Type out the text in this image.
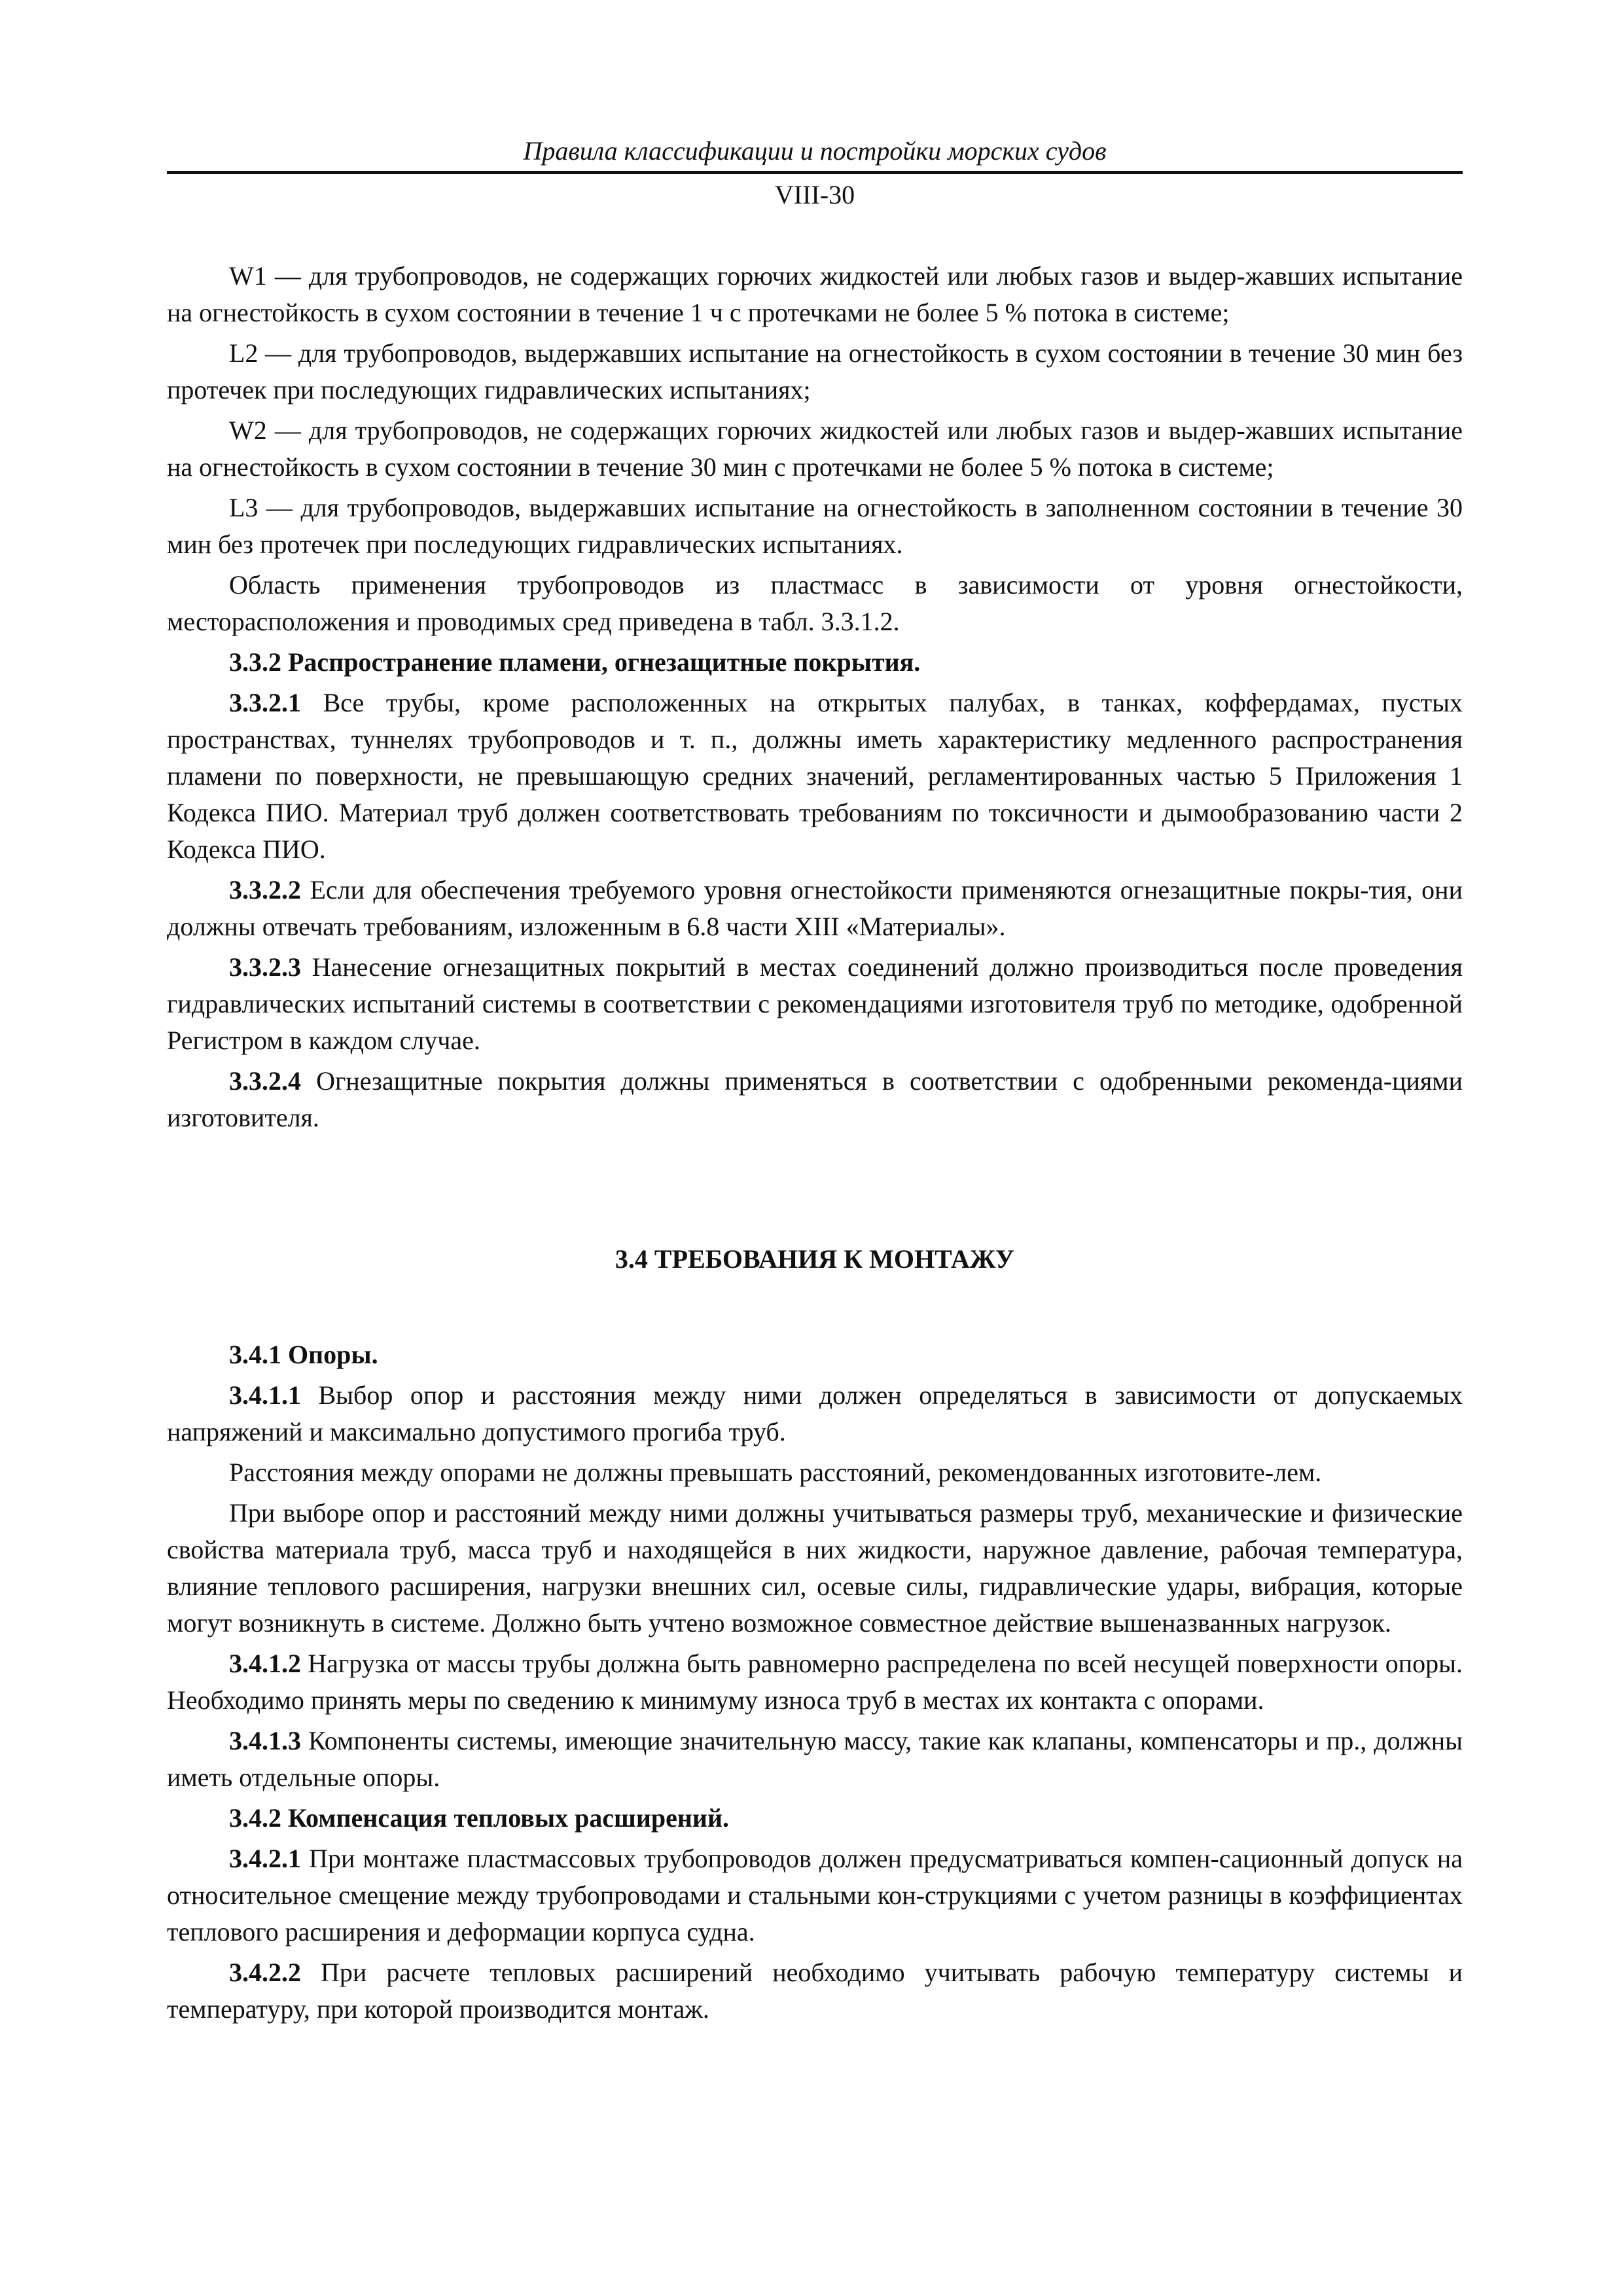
Правила классификации и постройки морских судов
VIII-30

W1 — для трубопроводов, не содержащих горючих жидкостей или любых газов и выдер-жавших испытание на огнестойкость в сухом состоянии в течение 1 ч с протечками не более 5 % потока в системе;

L2 — для трубопроводов, выдержавших испытание на огнестойкость в сухом состоянии в течение 30 мин без протечек при последующих гидравлических испытаниях;

W2 — для трубопроводов, не содержащих горючих жидкостей или любых газов и выдер-жавших испытание на огнестойкость в сухом состоянии в течение 30 мин с протечками не более 5 % потока в системе;

L3 — для трубопроводов, выдержавших испытание на огнестойкость в заполненном состоянии в течение 30 мин без протечек при последующих гидравлических испытаниях.

Область применения трубопроводов из пластмасс в зависимости от уровня огнестойкости, месторасположения и проводимых сред приведена в табл. 3.3.1.2.

3.3.2 Распространение пламени, огнезащитные покрытия.

3.3.2.1 Все трубы, кроме расположенных на открытых палубах, в танках, коффердамах, пустых пространствах, туннелях трубопроводов и т. п., должны иметь характеристику медленного распространения пламени по поверхности, не превышающую средних значений, регламентированных частью 5 Приложения 1 Кодекса ПИО. Материал труб должен соответствовать требованиям по токсичности и дымообразованию части 2 Кодекса ПИО.

3.3.2.2 Если для обеспечения требуемого уровня огнестойкости применяются огнезащитные покры-тия, они должны отвечать требованиям, изложенным в 6.8 части XIII «Материалы».

3.3.2.3 Нанесение огнезащитных покрытий в местах соединений должно производиться после проведения гидравлических испытаний системы в соответствии с рекомендациями изготовителя труб по методике, одобренной Регистром в каждом случае.

3.3.2.4 Огнезащитные покрытия должны применяться в соответствии с одобренными рекоменда-циями изготовителя.

3.4 ТРЕБОВАНИЯ К МОНТАЖУ

3.4.1 Опоры.

3.4.1.1 Выбор опор и расстояния между ними должен определяться в зависимости от допускаемых напряжений и максимально допустимого прогиба труб.

Расстояния между опорами не должны превышать расстояний, рекомендованных изготовите-лем.

При выборе опор и расстояний между ними должны учитываться размеры труб, механические и физические свойства материала труб, масса труб и находящейся в них жидкости, наружное давление, рабочая температура, влияние теплового расширения, нагрузки внешних сил, осевые силы, гидравлические удары, вибрация, которые могут возникнуть в системе. Должно быть учтено возможное совместное действие вышеназванных нагрузок.

3.4.1.2 Нагрузка от массы трубы должна быть равномерно распределена по всей несущей поверхности опоры. Необходимо принять меры по сведению к минимуму износа труб в местах их контакта с опорами.

3.4.1.3 Компоненты системы, имеющие значительную массу, такие как клапаны, компенсаторы и пр., должны иметь отдельные опоры.

3.4.2 Компенсация тепловых расширений.

3.4.2.1 При монтаже пластмассовых трубопроводов должен предусматриваться компен-сационный допуск на относительное смещение между трубопроводами и стальными кон-струкциями с учетом разницы в коэффициентах теплового расширения и деформации корпуса судна.

3.4.2.2 При расчете тепловых расширений необходимо учитывать рабочую температуру системы и температуру, при которой производится монтаж.
